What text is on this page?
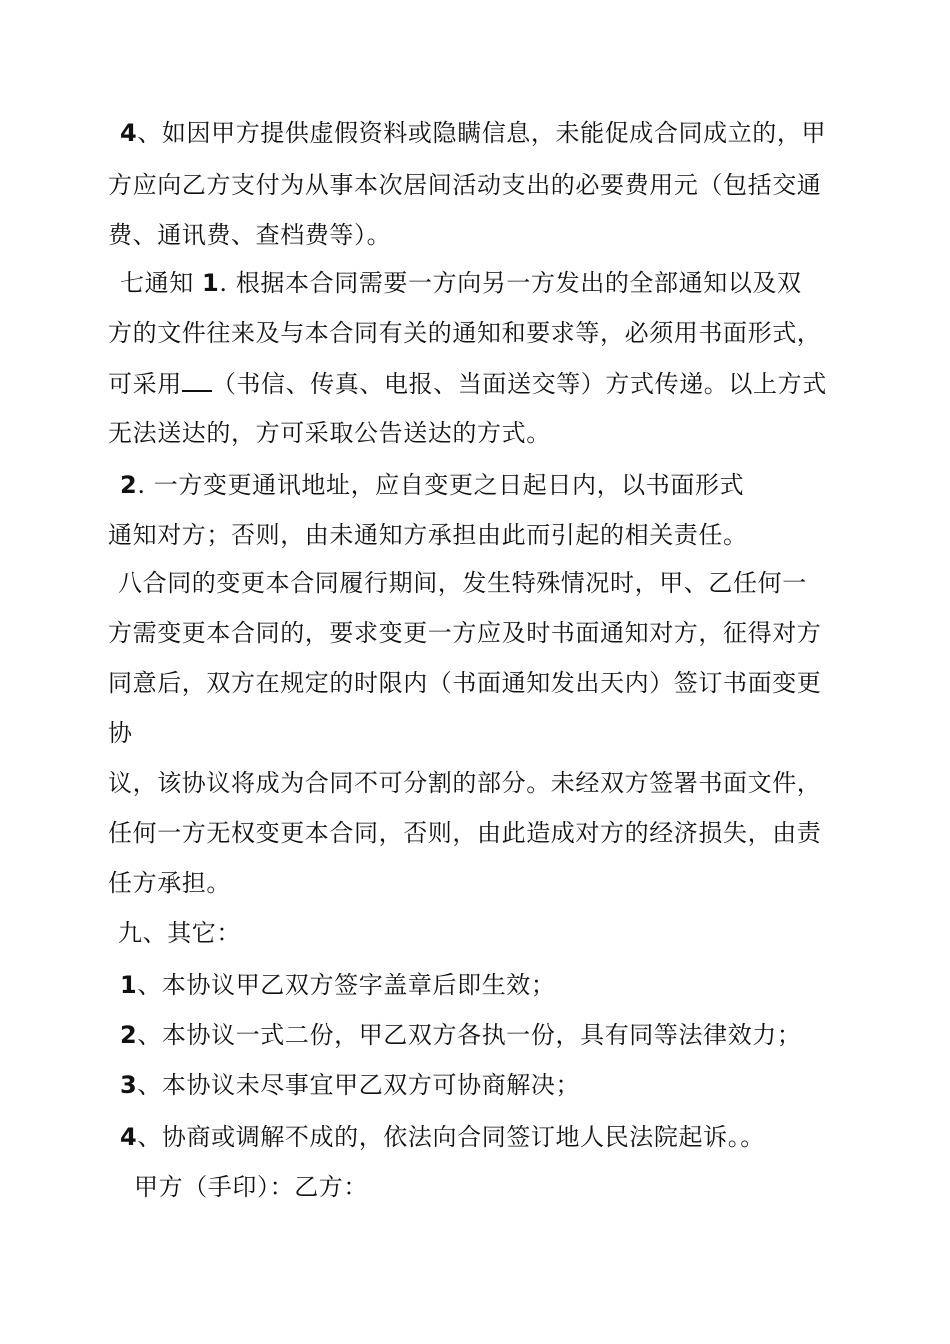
4、如因甲方提供虚假资料或隐瞒信息，未能促成合同成立的，甲
方应向乙方支付为从事本次居间活动支出的必要费用元（包括交通
费、通讯费、查档费等）。
七通知 1. 根据本合同需要一方向另一方发出的全部通知以及双
方的文件往来及与本合同有关的通知和要求等，必须用书面形式，
可采用 （书信、传真、电报、当面送交等）方式传递。以上方式
无法送达的，方可采取公告送达的方式。
2. 一方变更通讯地址，应自变更之日起日内，以书面形式
通知对方；否则，由未通知方承担由此而引起的相关责任。
八合同的变更本合同履行期间，发生特殊情况时，甲、乙任何一
方需变更本合同的，要求变更一方应及时书面通知对方，征得对方
同意后，双方在规定的时限内（书面通知发出天内）签订书面变更
协
议，该协议将成为合同不可分割的部分。未经双方签署书面文件，
任何一方无权变更本合同，否则，由此造成对方的经济损失，由责
任方承担。
九、其它：
1、本协议甲乙双方签字盖章后即生效；
2、本协议一式二份，甲乙双方各执一份，具有同等法律效力；
3、本协议未尽事宜甲乙双方可协商解决；
4、协商或调解不成的，依法向合同签订地人民法院起诉。。
甲方（手印）：乙方：
